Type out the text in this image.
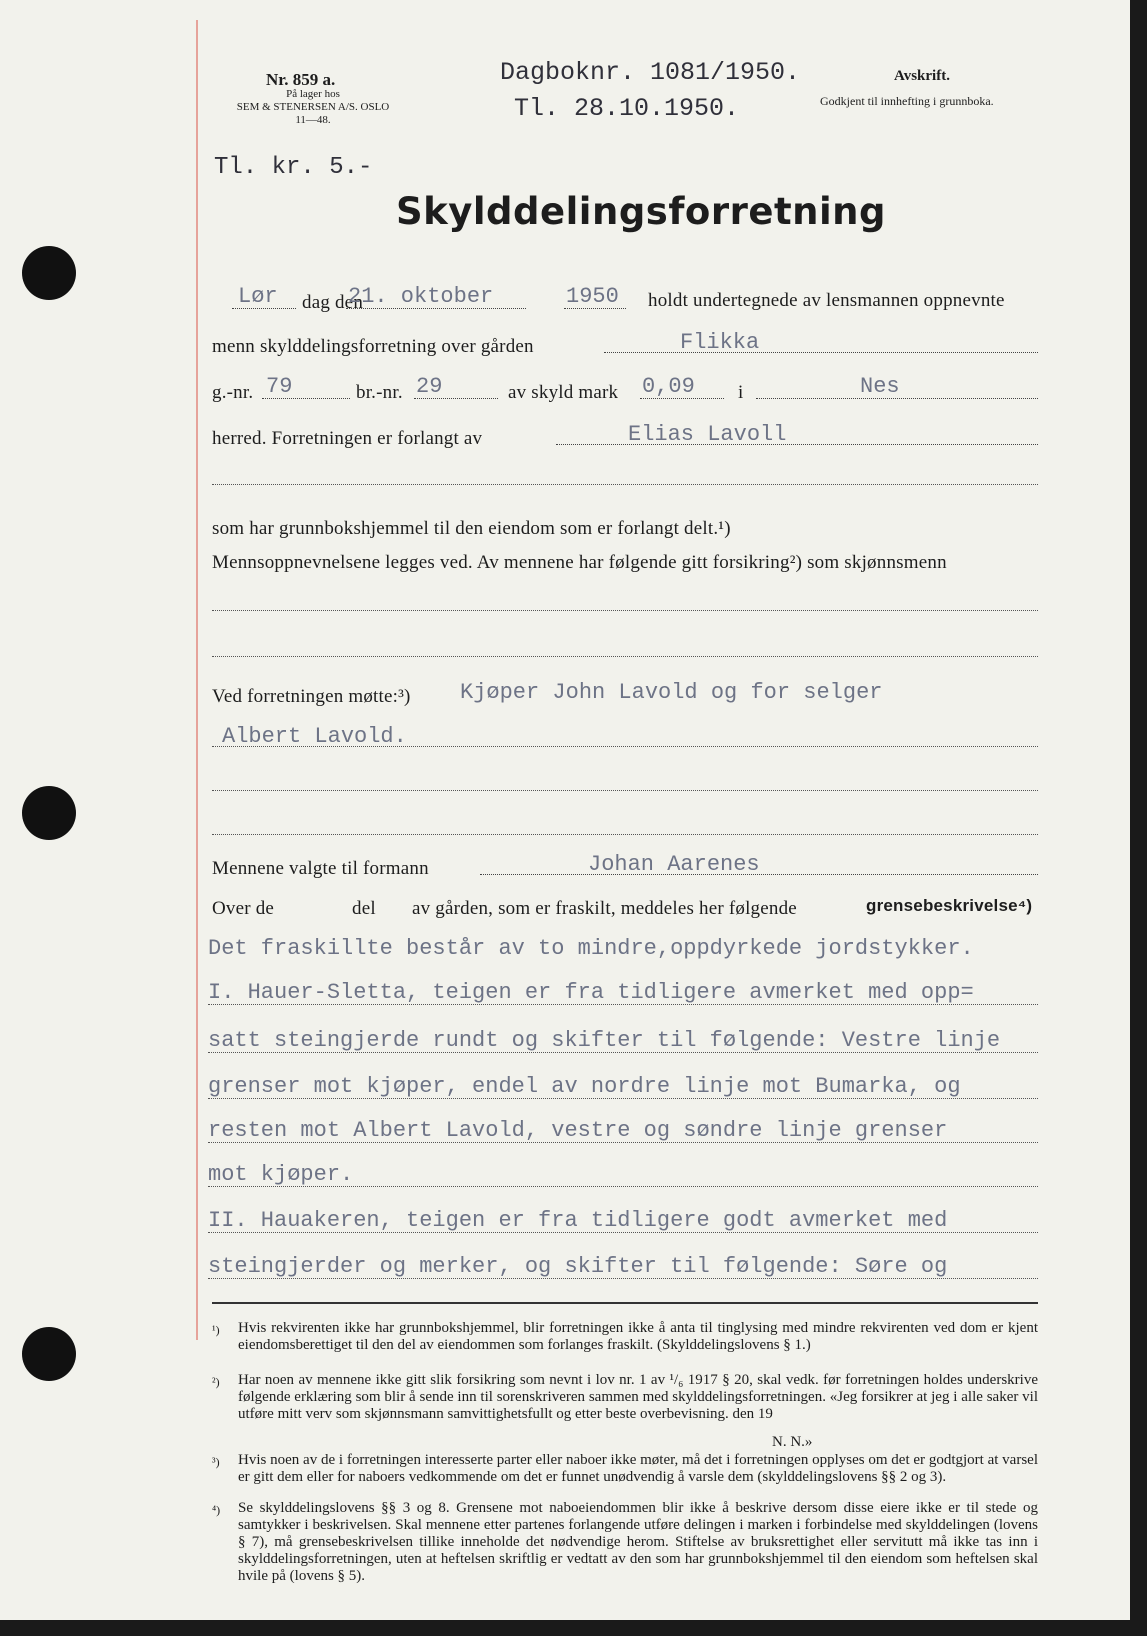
Nr. 859 a.
På lager hos
SEM & STENERSEN A/S. OSLO
11—48.
Dagboknr. 1081/1950.
Tl. 28.10.1950.
Avskrift.
Godkjent til innhefting i grunnboka.
Tl. kr. 5.-
Skylddelingsforretning
Lør dag den
21. oktober	1950 holdt undertegnede av lensmannen oppnevnte
menn skylddelingsforretning over gården	Flikka
g.-nr. 79	br.-nr. 29	av skyld mark 0,09 i	Nes
herred. Forretningen er forlangt av	Elias Lavoll
som har grunnbokshjemmel til den eiendom som er forlangt delt.¹)
Mennsoppnevnelsene legges ved. Av mennene har følgende gitt forsikring²) som skjønnsmenn
Ved forretningen møtte:³) Kjøper John Lavold og for selger
Albert Lavold.
Mennene valgte til formann	Johan Aarenes
Over de	del av gården, som er fraskilt, meddeles her følgende	grensebeskrivelse⁴)
Det fraskillte består av to mindre,oppdyrkede jordstykker.
I. Hauer-Sletta, teigen er fra tidligere avmerket med opp=
satt steingjerde rundt og skifter til følgende: Vestre linje
grenser mot kjøper, endel av nordre linje mot Bumarka, og
resten mot Albert Lavold, vestre og søndre linje grenser
mot kjøper.
II. Hauakeren, teigen er fra tidligere godt avmerket med
steingjerder og merker, og skifter til følgende: Søre og
¹) Hvis rekvirenten ikke har grunnbokshjemmel, blir forretningen ikke å anta til tinglysing med mindre rekvirenten ved dom er kjent eiendomsberettiget til den del av eiendommen som forlanges fraskilt. (Skylddelingslovens § 1.)
²) Har noen av mennene ikke gitt slik forsikring som nevnt i lov nr. 1 av ¹/₆ 1917 § 20, skal vedk. før forretningen holdes underskrive følgende erklæring som blir å sende inn til sorenskriveren sammen med skylddelingsforretningen. «Jeg forsikrer at jeg i alle saker vil utføre mitt verv som skjønnsmann samvittighetsfullt og etter beste overbevisning. den 19
N. N.»
³) Hvis noen av de i forretningen interesserte parter eller naboer ikke møter, må det i forretningen opplyses om det er godtgjort at varsel er gitt dem eller for naboers vedkommende om det er funnet unødvendig å varsle dem (skylddelingslovens §§ 2 og 3).
⁴) Se skylddelingslovens §§ 3 og 8. Grensene mot naboeiendommen blir ikke å beskrive dersom disse eiere ikke er til stede og samtykker i beskrivelsen. Skal mennene etter partenes forlangende utføre delingen i marken i forbindelse med skylddelingen (lovens § 7), må grensebeskrivelsen tillike inneholde det nødvendige herom. Stiftelse av bruksrettighet eller servitutt må ikke tas inn i skylddelingsforretningen, uten at heftelsen skriftlig er vedtatt av den som har grunnbokshjemmel til den eiendom som heftelsen skal hvile på (lovens § 5).
